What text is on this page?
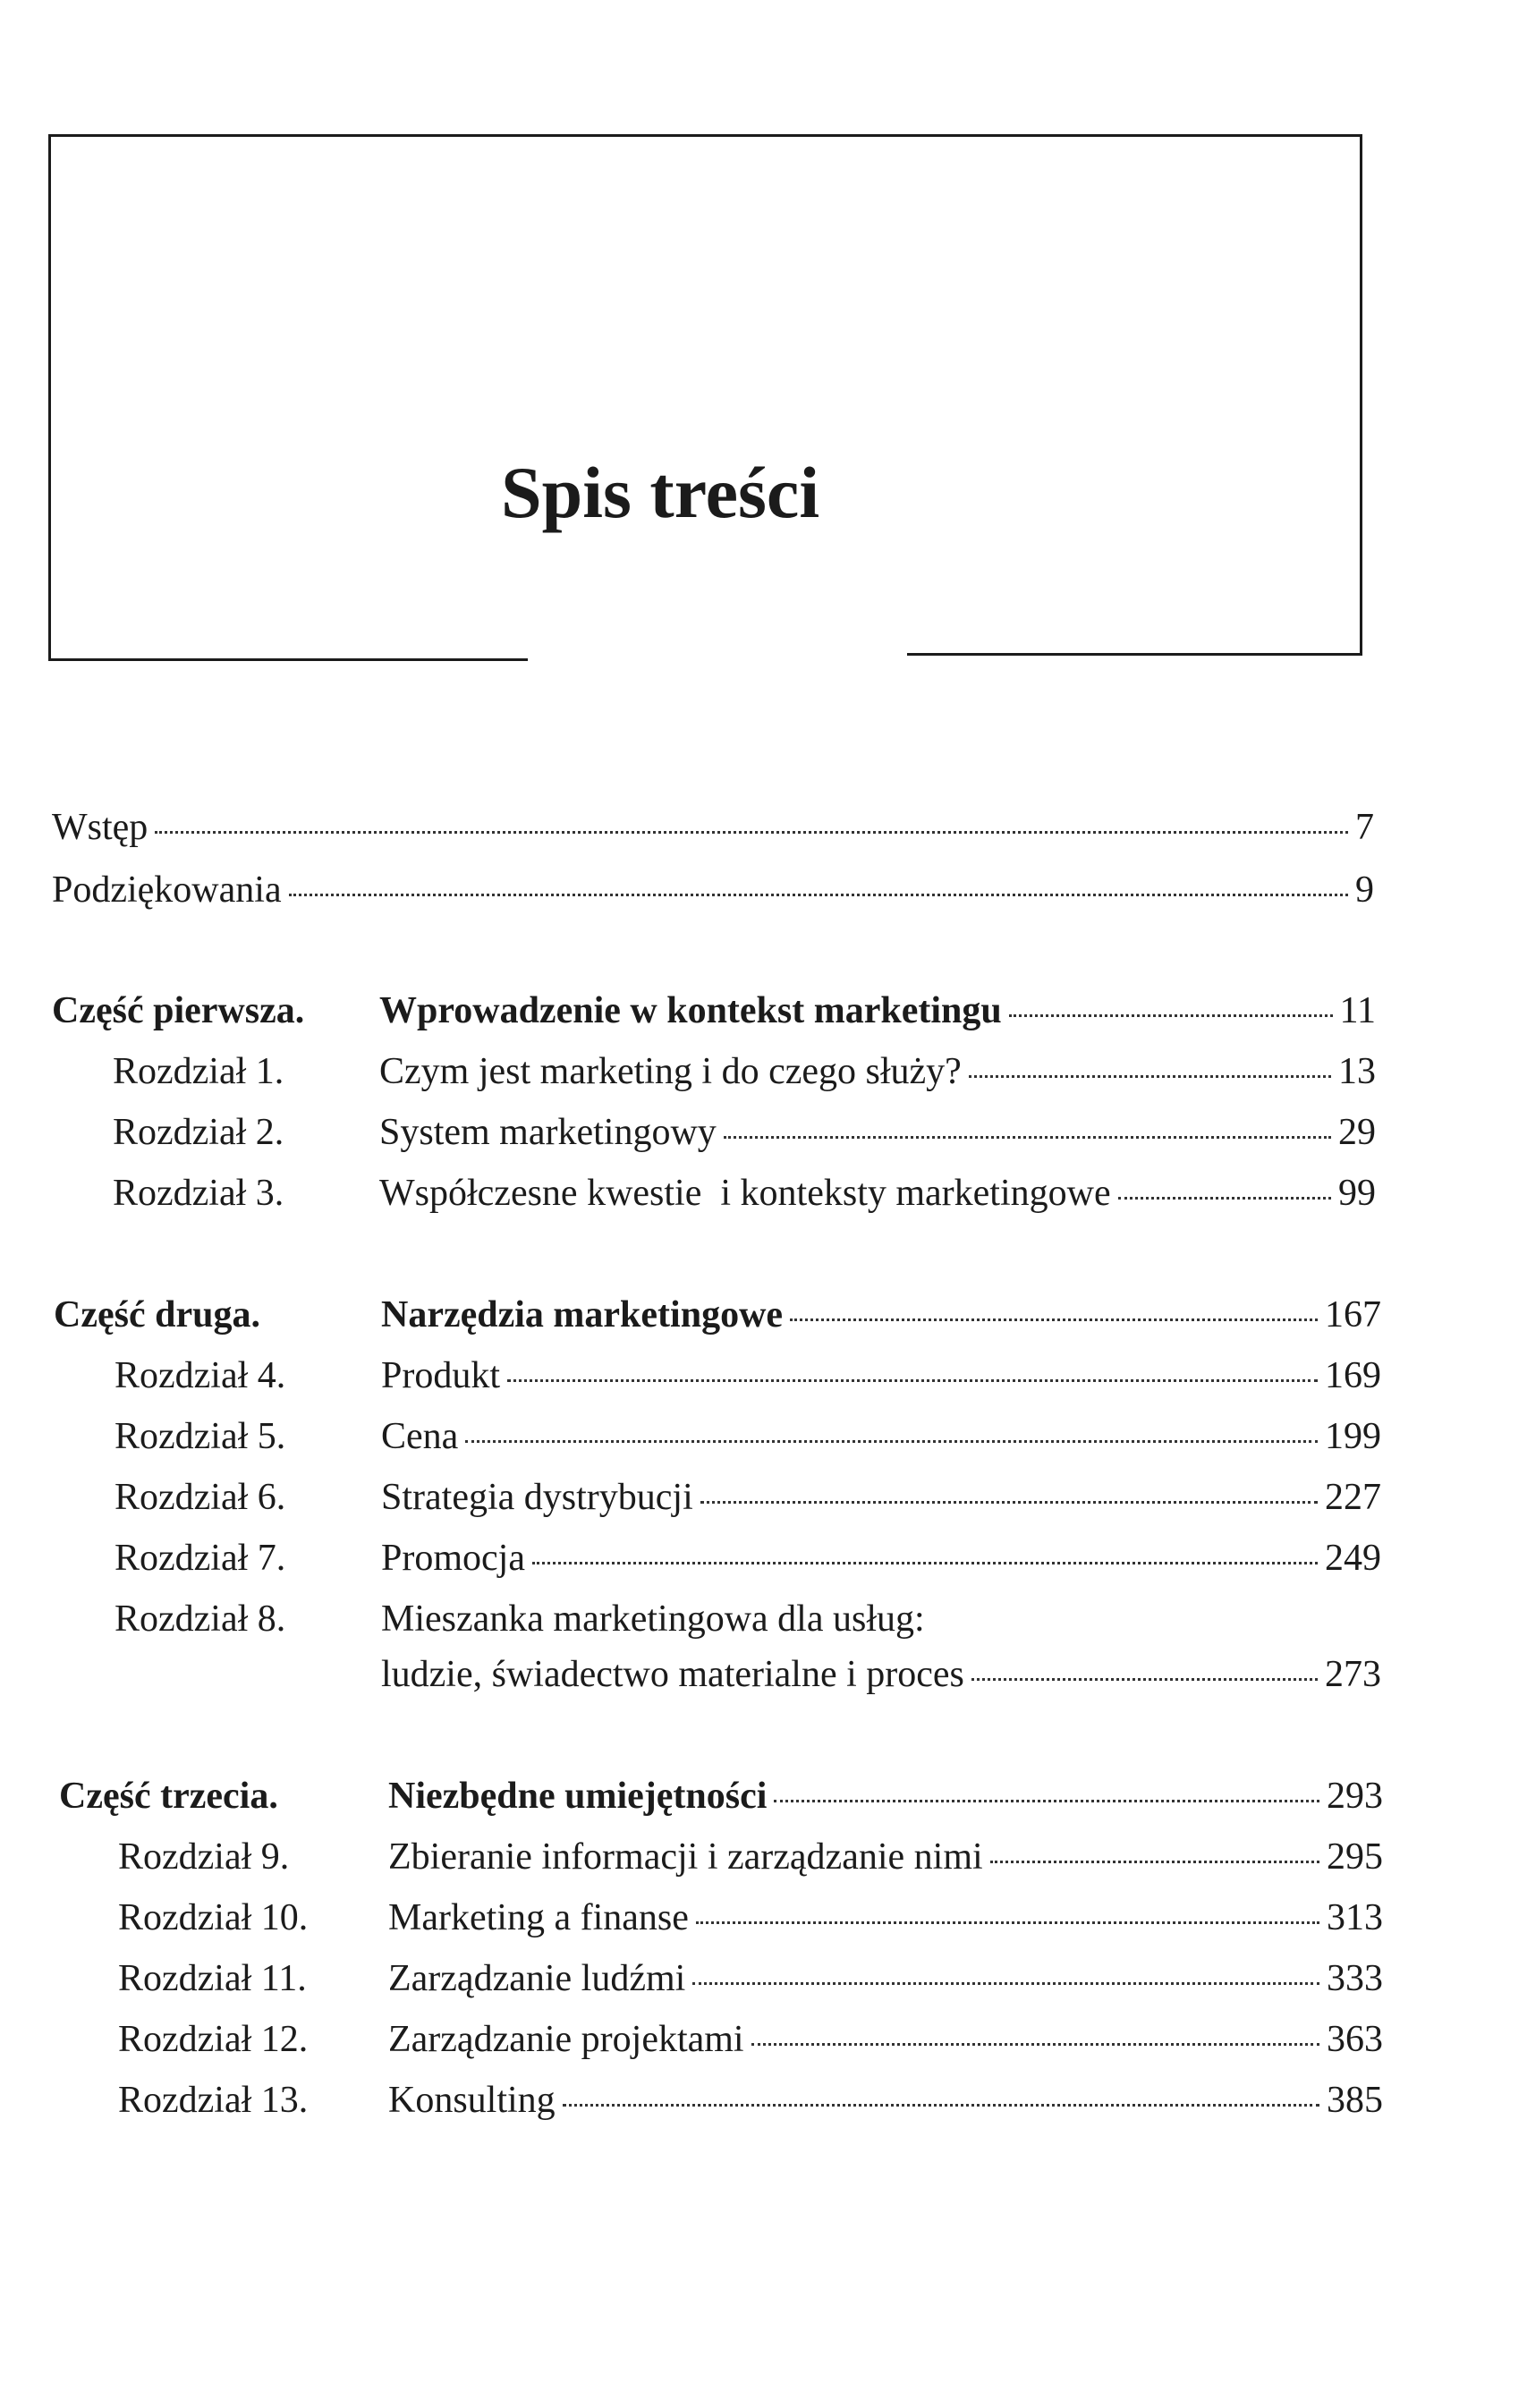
Spis treści
Wstęp	7
Podziękowania	9
Część pierwsza. Wprowadzenie w kontekst marketingu	11
Rozdział 1.	Czym jest marketing i do czego służy?	13
Rozdział 2.	System marketingowy	29
Rozdział 3.	Współczesne kwestie  i konteksty marketingowe	99
Część druga.	Narzędzia marketingowe	167
Rozdział 4.	Produkt	169
Rozdział 5.	Cena	199
Rozdział 6.	Strategia dystrybucji	227
Rozdział 7.	Promocja	249
Rozdział 8.	Mieszanka marketingowa dla usług:
ludzie, świadectwo materialne i proces	273
Część trzecia.	Niezbędne umiejętności	293
Rozdział 9.	Zbieranie informacji i zarządzanie nimi	295
Rozdział 10. Marketing a finanse	313
Rozdział 11. Zarządzanie ludźmi	333
Rozdział 12. Zarządzanie projektami	363
Rozdział 13. Konsulting	385
